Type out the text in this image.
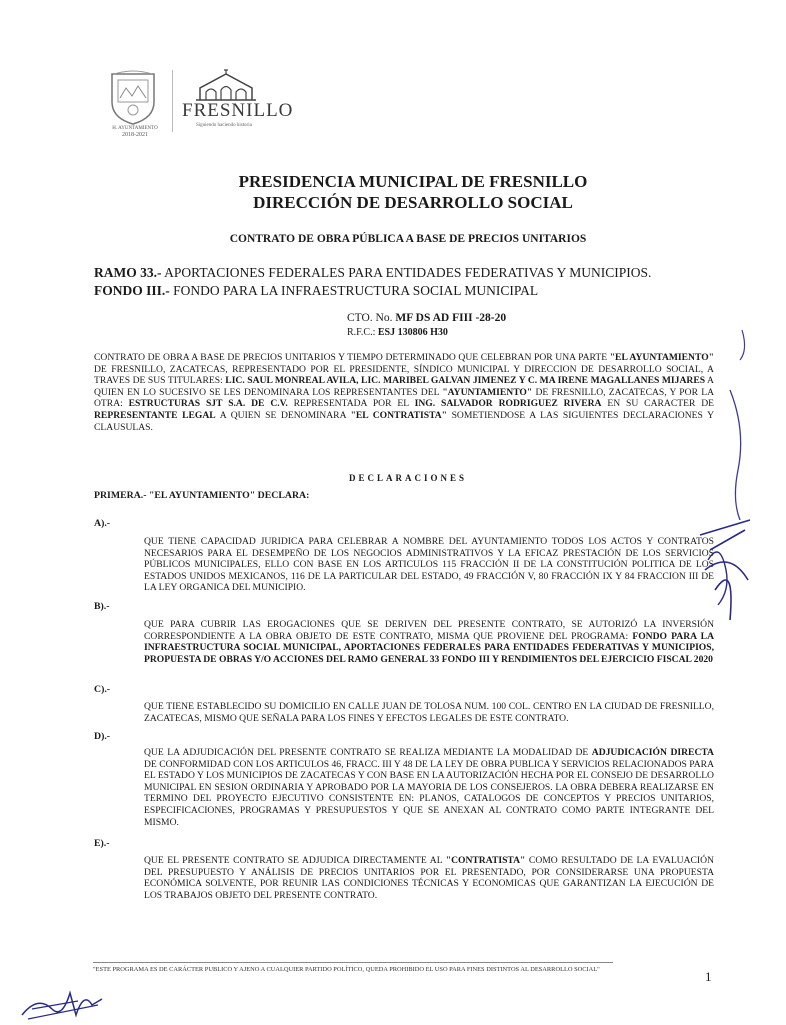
H. AYUNTAMIENTO
2018-2021
FRESNILLO
Siguiendo haciendo historia
PRESIDENCIA MUNICIPAL DE FRESNILLO
DIRECCIÓN DE DESARROLLO SOCIAL
CONTRATO DE OBRA PÚBLICA A BASE DE PRECIOS UNITARIOS
RAMO 33.- APORTACIONES FEDERALES PARA ENTIDADES FEDERATIVAS Y MUNICIPIOS.
FONDO III.- FONDO PARA LA INFRAESTRUCTURA SOCIAL MUNICIPAL
CTO. No. MF DS AD FIII -28-20
R.F.C.: ESJ 130806 H30
CONTRATO DE OBRA A BASE DE PRECIOS UNITARIOS Y TIEMPO DETERMINADO QUE CELEBRAN POR UNA PARTE "EL AYUNTAMIENTO" DE FRESNILLO, ZACATECAS, REPRESENTADO POR EL PRESIDENTE, SÍNDICO MUNICIPAL Y DIRECCION DE DESARROLLO SOCIAL, A TRAVES DE SUS TITULARES: LIC. SAUL MONREAL AVILA, LIC. MARIBEL GALVAN JIMENEZ Y C. MA IRENE MAGALLANES MIJARES A QUIEN EN LO SUCESIVO SE LES DENOMINARA LOS REPRESENTANTES DEL "AYUNTAMIENTO" DE FRESNILLO, ZACATECAS, Y POR LA OTRA: ESTRUCTURAS SJT S.A. DE C.V. REPRESENTADA POR EL ING. SALVADOR RODRIGUEZ RIVERA EN SU CARACTER DE REPRESENTANTE LEGAL A QUIEN SE DENOMINARA "EL CONTRATISTA" SOMETIENDOSE A LAS SIGUIENTES DECLARACIONES Y CLAUSULAS.
DECLARACIONES
PRIMERA.- "EL AYUNTAMIENTO" DECLARA:
A).-
QUE TIENE CAPACIDAD JURIDICA PARA CELEBRAR A NOMBRE DEL AYUNTAMIENTO TODOS LOS ACTOS Y CONTRATOS NECESARIOS PARA EL DESEMPEÑO DE LOS NEGOCIOS ADMINISTRATIVOS Y LA EFICAZ PRESTACIÓN DE LOS SERVICIOS PÚBLICOS MUNICIPALES, ELLO CON BASE EN LOS ARTICULOS 115 FRACCIÓN II DE LA CONSTITUCIÓN POLITICA DE LOS ESTADOS UNIDOS MEXICANOS, 116 DE LA PARTICULAR DEL ESTADO, 49 FRACCIÓN V, 80 FRACCIÓN IX Y 84 FRACCION III DE LA LEY ORGANICA DEL MUNICIPIO.
B).-
QUE PARA CUBRIR LAS EROGACIONES QUE SE DERIVEN DEL PRESENTE CONTRATO, SE AUTORIZÓ LA INVERSIÓN CORRESPONDIENTE A LA OBRA OBJETO DE ESTE CONTRATO, MISMA QUE PROVIENE DEL PROGRAMA: FONDO PARA LA INFRAESTRUCTURA SOCIAL MUNICIPAL, APORTACIONES FEDERALES PARA ENTIDADES FEDERATIVAS Y MUNICIPIOS, PROPUESTA DE OBRAS Y/O ACCIONES DEL RAMO GENERAL 33 FONDO III Y RENDIMIENTOS DEL EJERCICIO FISCAL 2020
C).-
QUE TIENE ESTABLECIDO SU DOMICILIO EN CALLE JUAN DE TOLOSA NUM. 100 COL. CENTRO EN LA CIUDAD DE FRESNILLO, ZACATECAS, MISMO QUE SEÑALA PARA LOS FINES Y EFECTOS LEGALES DE ESTE CONTRATO.
D).-
QUE LA ADJUDICACIÓN DEL PRESENTE CONTRATO SE REALIZA MEDIANTE LA MODALIDAD DE ADJUDICACIÓN DIRECTA DE CONFORMIDAD CON LOS ARTICULOS 46, FRACC. III Y 48 DE LA LEY DE OBRA PUBLICA Y SERVICIOS RELACIONADOS PARA EL ESTADO Y LOS MUNICIPIOS DE ZACATECAS Y CON BASE EN LA AUTORIZACIÓN HECHA POR EL CONSEJO DE DESARROLLO MUNICIPAL EN SESION ORDINARIA Y APROBADO POR LA MAYORIA DE LOS CONSEJEROS. LA OBRA DEBERA REALIZARSE EN TERMINO DEL PROYECTO EJECUTIVO CONSISTENTE EN: PLANOS, CATALOGOS DE CONCEPTOS Y PRECIOS UNITARIOS, ESPECIFICACIONES, PROGRAMAS Y PRESUPUESTOS Y QUE SE ANEXAN AL CONTRATO COMO PARTE INTEGRANTE DEL MISMO.
E).-
QUE EL PRESENTE CONTRATO SE ADJUDICA DIRECTAMENTE AL "CONTRATISTA" COMO RESULTADO DE LA EVALUACIÓN DEL PRESUPUESTO Y ANÁLISIS DE PRECIOS UNITARIOS POR EL PRESENTADO, POR CONSIDERARSE UNA PROPUESTA ECONÓMICA SOLVENTE, POR REUNIR LAS CONDICIONES TÉCNICAS Y ECONOMICAS QUE GARANTIZAN LA EJECUCIÓN DE LOS TRABAJOS OBJETO DEL PRESENTE CONTRATO.
"ESTE PROGRAMA ES DE CARÁCTER PUBLICO Y AJENO A CUALQUIER PARTIDO POLÍTICO, QUEDA PROHIBIDO EL USO PARA FINES DISTINTOS AL DESARROLLO SOCIAL"	1
